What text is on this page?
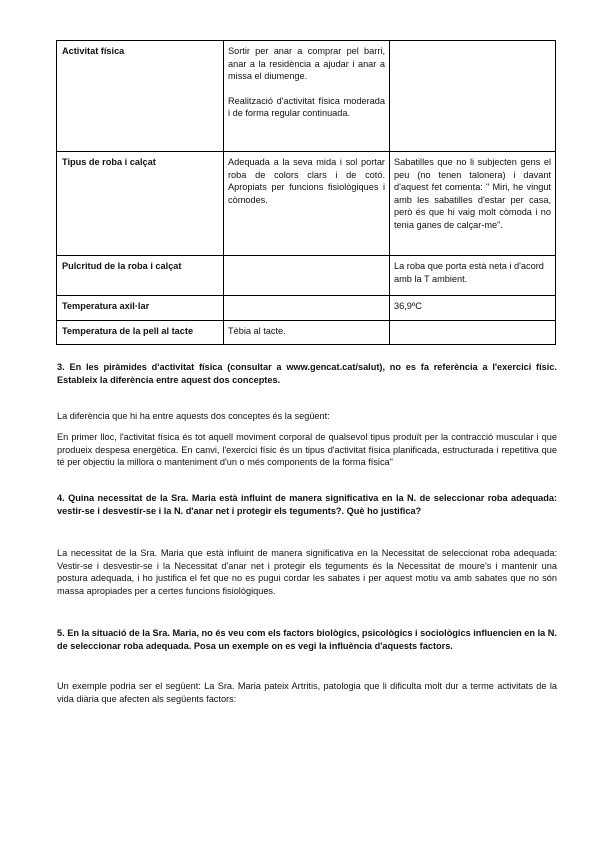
Activitat física	Sortir per anar a comprar pel barri, anar a la residència a ajudar i anar a missa el diumenge.

Realització d'activitat física moderada i de forma regular continuada.	

Tipus de roba i calçat	Adequada a la seva mida i sol portar roba de colors clars i de cotó. Apropiats per funcions fisiològiques i còmodes.	Sabatilles que no li subjecten gens el peu (no tenen talonera) i davant d'aquest fet comenta: " Miri, he vingut amb les sabatilles d'estar per casa, però és que hi vaig molt còmoda i no tenia ganes de calçar-me".
Pulcritud de la roba i calçat		La roba que porta està neta i d'acord amb la T ambient.
Temperatura axil·lar		36,9ºC
Temperatura de la pell al tacte	Tèbia al tacte.	

3. En les piràmides d'activitat física (consultar a www.gencat.cat/salut), no es fa referència a l'exercici físic. Estableix la diferència entre aquest dos conceptes.

La diferència que hi ha entre aquests dos conceptes és la següent:

En primer lloc, l'activitat física és tot aquell moviment corporal de qualsevol tipus produït per la contracció muscular i que produeix despesa energètica. En canvi, l'exercici físic és un tipus d'activitat física planificada, estructurada i repetitiva que té per objectiu la millora o manteniment d'un o més components de la forma física"

4. Quina necessitat de la Sra. Maria està influint de manera significativa en la N. de seleccionar roba adequada: vestir-se i desvestir-se i la N. d'anar net i protegir els teguments?. Què ho justifica?

La necessitat de la Sra. Maria que està influint de manera significativa en la Necessitat de seleccionat roba adequada: Vestir-se i desvestir-se i la Necessitat d'anar net i protegir els teguments és la Necessitat de moure's i mantenir una postura adequada, i ho justifica el fet que no es pugui cordar les sabates i per aquest motiu va amb sabates que no són massa apropiades per a certes funcions fisiològiques.

5. En la situació de la Sra. Maria, no és veu com els factors biològics, psicològics i sociològics influencien en la N. de seleccionar roba adequada. Posa un exemple on es vegi la influència d'aquests factors.

Un exemple podria ser el següent: La Sra. Maria pateix Artritis, patologia que li dificulta molt dur a terme activitats de la vida diària que afecten als següents factors:
